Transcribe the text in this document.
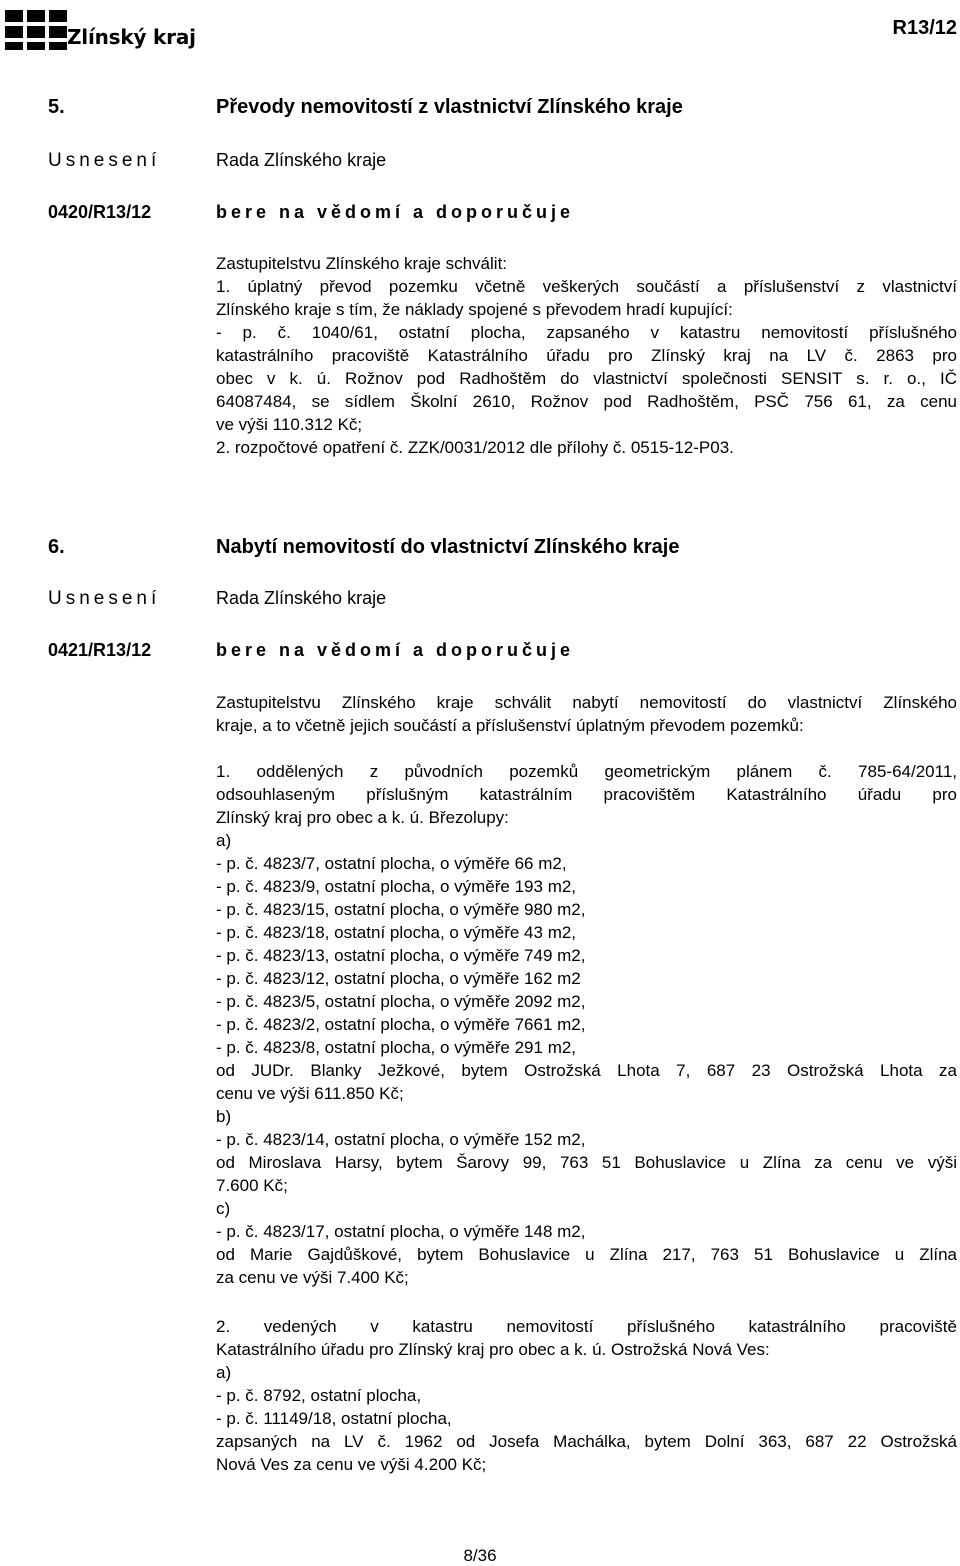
Zlínský kraj	R13/12
5.	Převody nemovitostí z vlastnictví Zlínského kraje
Usnesení	Rada Zlínského kraje
0420/R13/12	bere na vědomí a doporučuje
Zastupitelstvu Zlínského kraje schválit:
1. úplatný převod pozemku včetně veškerých součástí a příslušenství z vlastnictví
Zlínského kraje s tím, že náklady spojené s převodem hradí kupující:
- p. č. 1040/61, ostatní plocha, zapsaného v katastru nemovitostí příslušného
katastrálního pracoviště Katastrálního úřadu pro Zlínský kraj na LV č. 2863 pro
obec v k. ú. Rožnov pod Radhoštěm do vlastnictví společnosti SENSIT s. r. o., IČ
64087484, se sídlem Školní 2610, Rožnov pod Radhoštěm, PSČ 756 61, za cenu
ve výši 110.312 Kč;
2. rozpočtové opatření č. ZZK/0031/2012 dle přílohy č. 0515-12-P03.
6.	Nabytí nemovitostí do vlastnictví Zlínského kraje
Usnesení	Rada Zlínského kraje
0421/R13/12	bere na vědomí a doporučuje
Zastupitelstvu Zlínského kraje schválit nabytí nemovitostí do vlastnictví Zlínského
kraje, a to včetně jejich součástí a příslušenství úplatným převodem pozemků:
1. oddělených z původních pozemků geometrickým plánem č. 785-64/2011,
odsouhlaseným příslušným katastrálním pracovištěm Katastrálního úřadu pro
Zlínský kraj pro obec a k. ú. Březolupy:
a)
- p. č. 4823/7, ostatní plocha, o výměře 66 m2,
- p. č. 4823/9, ostatní plocha, o výměře 193 m2,
- p. č. 4823/15, ostatní plocha, o výměře 980 m2,
- p. č. 4823/18, ostatní plocha, o výměře 43 m2,
- p. č. 4823/13, ostatní plocha, o výměře 749 m2,
- p. č. 4823/12, ostatní plocha, o výměře 162 m2
- p. č. 4823/5, ostatní plocha, o výměře 2092 m2,
- p. č. 4823/2, ostatní plocha, o výměře 7661 m2,
- p. č. 4823/8, ostatní plocha, o výměře 291 m2,
od JUDr. Blanky Ježkové, bytem Ostrožská Lhota 7, 687 23 Ostrožská Lhota za
cenu ve výši 611.850 Kč;
b)
- p. č. 4823/14, ostatní plocha, o výměře 152 m2,
od Miroslava Harsy, bytem Šarovy 99, 763 51 Bohuslavice u Zlína za cenu ve výši
7.600 Kč;
c)
- p. č. 4823/17, ostatní plocha, o výměře 148 m2,
od Marie Gajdůškové, bytem Bohuslavice u Zlína 217, 763 51 Bohuslavice u Zlína
za cenu ve výši 7.400 Kč;
2. vedených v katastru nemovitostí příslušného katastrálního pracoviště
Katastrálního úřadu pro Zlínský kraj pro obec a k. ú. Ostrožská Nová Ves:
a)
- p. č. 8792, ostatní plocha,
- p. č. 11149/18, ostatní plocha,
zapsaných na LV č. 1962 od Josefa Machálka, bytem Dolní 363, 687 22 Ostrožská
Nová Ves za cenu ve výši 4.200 Kč;
8/36
